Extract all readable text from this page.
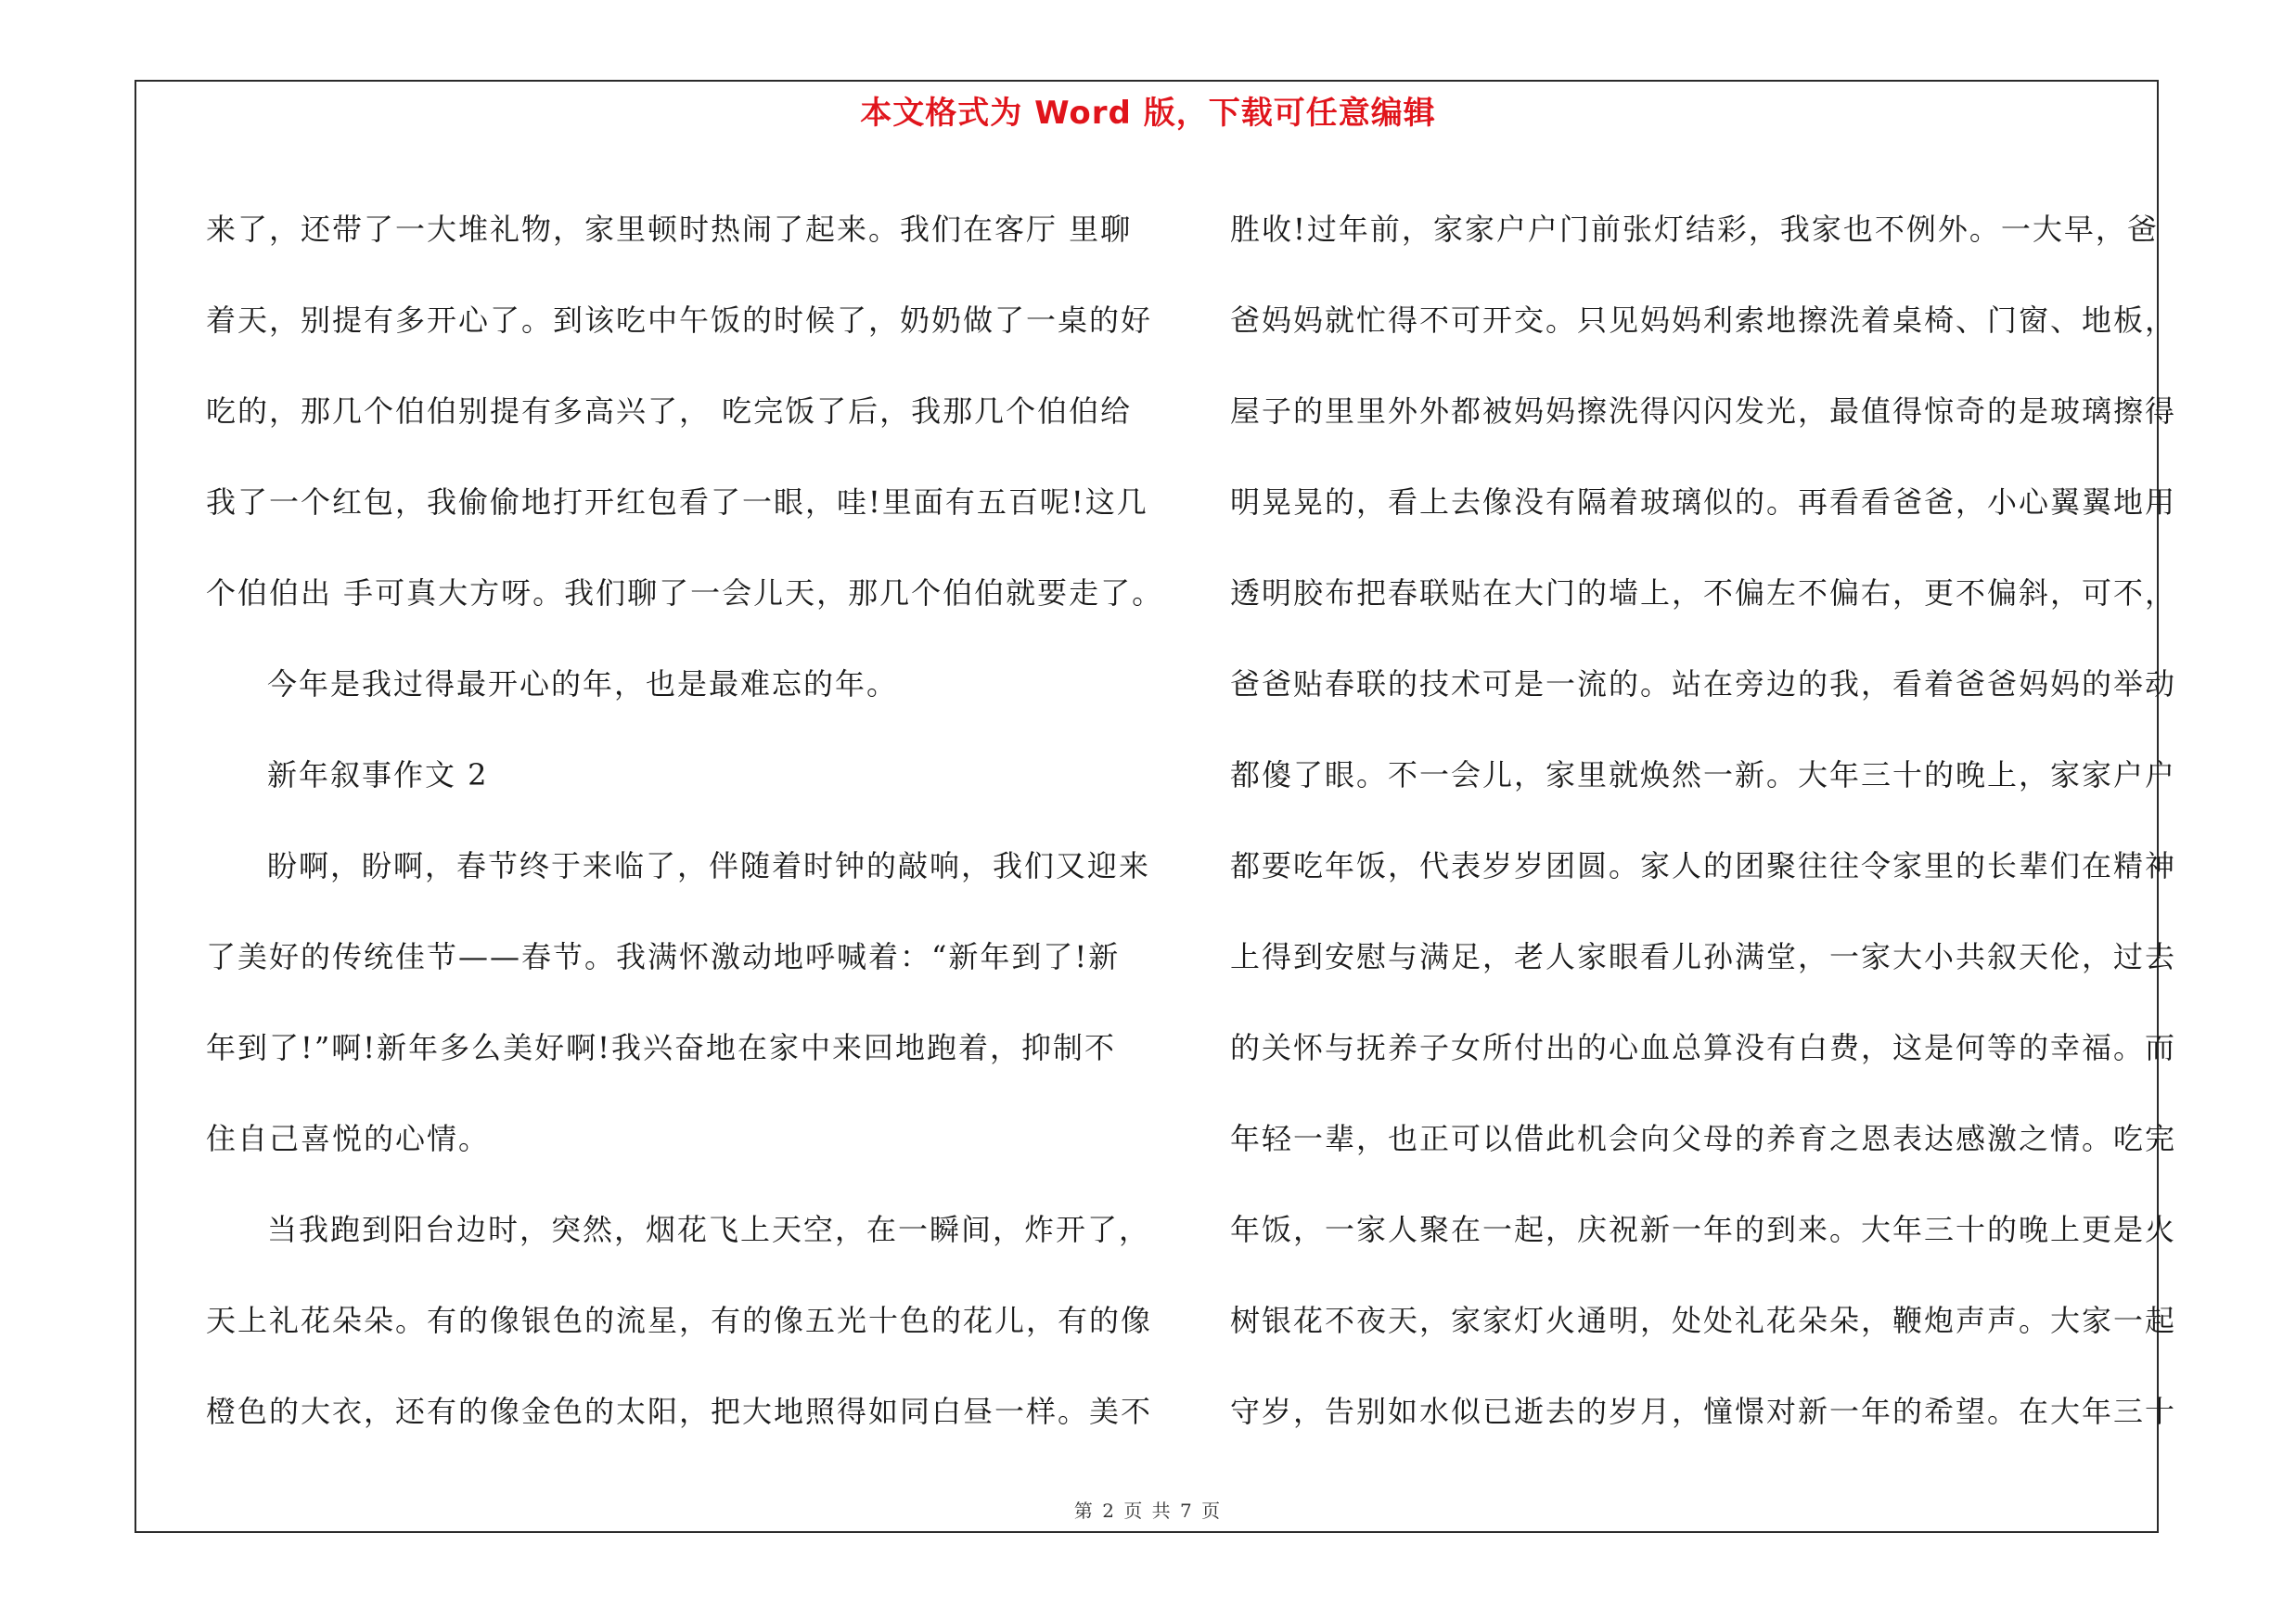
本文格式为 Word 版，下载可任意编辑
来了，还带了一大堆礼物，家里顿时热闹了起来。我们在客厅 里聊
着天，别提有多开心了。到该吃中午饭的时候了，奶奶做了一桌的好
吃的，那几个伯伯别提有多高兴了， 吃完饭了后，我那几个伯伯给
我了一个红包，我偷偷地打开红包看了一眼，哇!里面有五百呢!这几
个伯伯出 手可真大方呀。我们聊了一会儿天，那几个伯伯就要走了。
今年是我过得最开心的年，也是最难忘的年。
新年叙事作文 2
盼啊，盼啊，春节终于来临了，伴随着时钟的敲响，我们又迎来
了美好的传统佳节——春节。我满怀激动地呼喊着：“新年到了!新
年到了!”啊!新年多么美好啊!我兴奋地在家中来回地跑着，抑制不
住自己喜悦的心情。
当我跑到阳台边时，突然，烟花飞上天空，在一瞬间，炸开了，
天上礼花朵朵。有的像银色的流星，有的像五光十色的花儿，有的像
橙色的大衣，还有的像金色的太阳，把大地照得如同白昼一样。美不
胜收!过年前，家家户户门前张灯结彩，我家也不例外。一大早，爸
爸妈妈就忙得不可开交。只见妈妈利索地擦洗着桌椅、门窗、地板，
屋子的里里外外都被妈妈擦洗得闪闪发光，最值得惊奇的是玻璃擦得
明晃晃的，看上去像没有隔着玻璃似的。再看看爸爸，小心翼翼地用
透明胶布把春联贴在大门的墙上，不偏左不偏右，更不偏斜，可不，
爸爸贴春联的技术可是一流的。站在旁边的我，看着爸爸妈妈的举动
都傻了眼。不一会儿，家里就焕然一新。大年三十的晚上，家家户户
都要吃年饭，代表岁岁团圆。家人的团聚往往令家里的长辈们在精神
上得到安慰与满足，老人家眼看儿孙满堂，一家大小共叙天伦，过去
的关怀与抚养子女所付出的心血总算没有白费，这是何等的幸福。而
年轻一辈，也正可以借此机会向父母的养育之恩表达感激之情。吃完
年饭，一家人聚在一起，庆祝新一年的到来。大年三十的晚上更是火
树银花不夜天，家家灯火通明，处处礼花朵朵，鞭炮声声。大家一起
守岁，告别如水似已逝去的岁月，憧憬对新一年的希望。在大年三十
第 2 页 共 7 页
